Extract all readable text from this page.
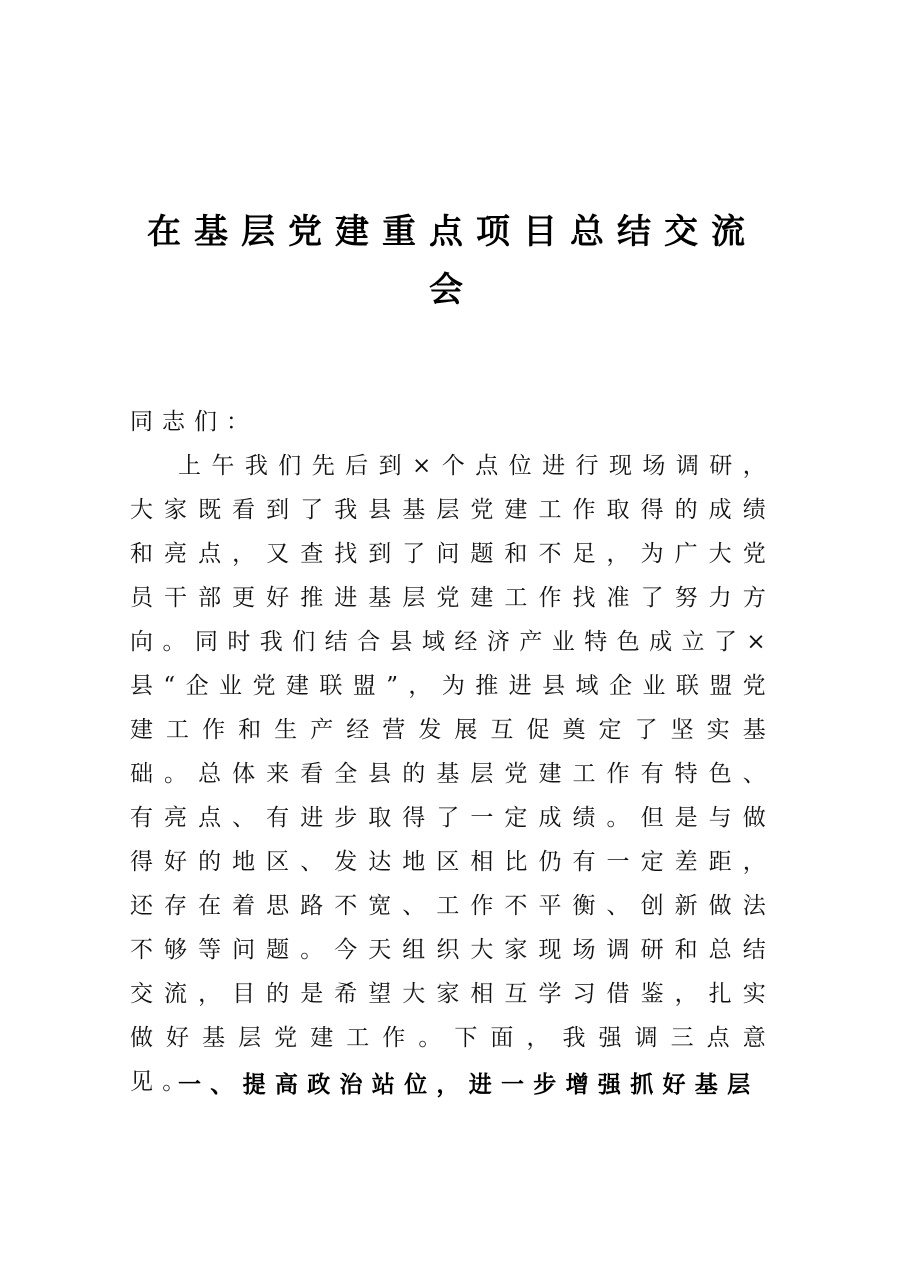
在基层党建重点项目总结交流会
同志们：
上午我们先后到×个点位进行现场调研，大家既看到了我县基层党建工作取得的成绩和亮点，又查找到了问题和不足，为广大党员干部更好推进基层党建工作找准了努力方向。同时我们结合县域经济产业特色成立了×县“企业党建联盟”，为推进县域企业联盟党建工作和生产经营发展互促奠定了坚实基础。总体来看全县的基层党建工作有特色、有亮点、有进步取得了一定成绩。但是与做得好的地区、发达地区相比仍有一定差距，还存在着思路不宽、工作不平衡、创新做法不够等问题。今天组织大家现场调研和总结交流，目的是希望大家相互学习借鉴，扎实做好基层党建工作。下面，我强调三点意见。
一、提高政治站位，进一步增强抓好基层
